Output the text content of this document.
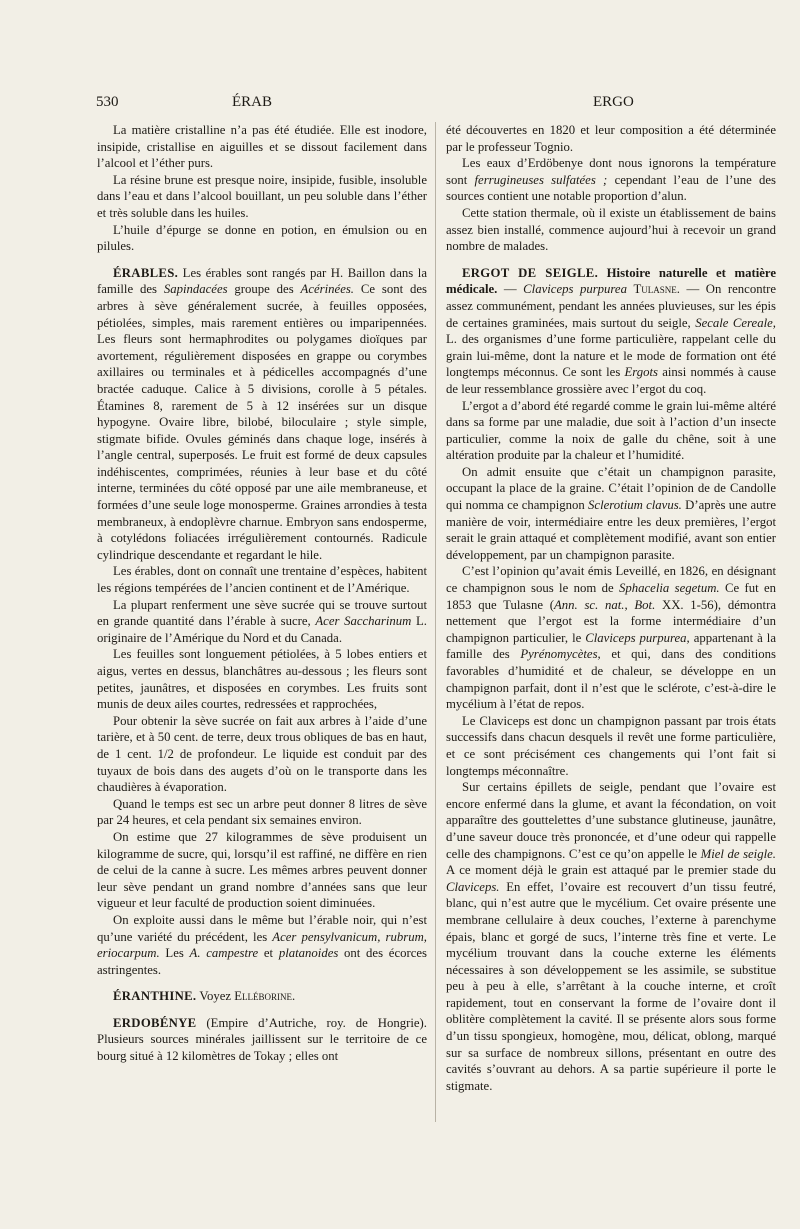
530	ÉRAB	ERGO

La matière cristalline n’a pas été étudiée. Elle est inodore, insipide, cristallise en aiguilles et se dissout facilement dans l’alcool et l’éther purs.

La résine brune est presque noire, insipide, fusible, insoluble dans l’eau et dans l’alcool bouillant, un peu soluble dans l’éther et très soluble dans les huiles.

L’huile d’épurge se donne en potion, en émulsion ou en pilules.

ÉRABLES. Les érables sont rangés par H. Baillon dans la famille des Sapindacées groupe des Acérinées. Ce sont des arbres à sève généralement sucrée, à feuilles opposées, pétiolées, simples, mais rarement entières ou imparipennées. Les fleurs sont hermaphrodites ou polygames dioïques par avortement, régulièrement disposées en grappe ou corymbes axillaires ou terminales et à pédicelles accompagnés d’une bractée caduque. Calice à 5 divisions, corolle à 5 pétales. Étamines 8, rarement de 5 à 12 insérées sur un disque hypogyne. Ovaire libre, bilobé, biloculaire ; style simple, stigmate bifide. Ovules géminés dans chaque loge, insérés à l’angle central, superposés. Le fruit est formé de deux capsules indéhiscentes, comprimées, réunies à leur base et du côté interne, terminées du côté opposé par une aile membraneuse, et formées d’une seule loge monosperme. Graines arrondies à testa membraneux, à endoplèvre charnue. Embryon sans endosperme, à cotylédons foliacées irrégulièrement contournés. Radicule cylindrique descendante et regardant le hile.

Les érables, dont on connaît une trentaine d’espèces, habitent les régions tempérées de l’ancien continent et de l’Amérique.

La plupart renferment une sève sucrée qui se trouve surtout en grande quantité dans l’érable à sucre, Acer Saccharinum L. originaire de l’Amérique du Nord et du Canada.

Les feuilles sont longuement pétiolées, à 5 lobes entiers et aigus, vertes en dessus, blanchâtres au-dessous ; les fleurs sont petites, jaunâtres, et disposées en corymbes. Les fruits sont munis de deux ailes courtes, redressées et rapprochées,

Pour obtenir la sève sucrée on fait aux arbres à l’aide d’une tarière, et à 50 cent. de terre, deux trous obliques de bas en haut, de 1 cent. 1/2 de profondeur. Le liquide est conduit par des tuyaux de bois dans des augets d’où on le transporte dans les chaudières à évaporation.

Quand le temps est sec un arbre peut donner 8 litres de sève par 24 heures, et cela pendant six semaines environ.

On estime que 27 kilogrammes de sève produisent un kilogramme de sucre, qui, lorsqu’il est raffiné, ne diffère en rien de celui de la canne à sucre. Les mêmes arbres peuvent donner leur sève pendant un grand nombre d’années sans que leur vigueur et leur faculté de production soient diminuées.

On exploite aussi dans le même but l’érable noir, qui n’est qu’une variété du précédent, les Acer pensylvanicum, rubrum, eriocarpum. Les A. campestre et platanoides ont des écorces astringentes.

ÉRANTHINE. Voyez Elléborine.

ERDOBÉNYE (Empire d’Autriche, roy. de Hongrie). Plusieurs sources minérales jaillissent sur le territoire de ce bourg situé à 12 kilomètres de Tokay ; elles ont

été découvertes en 1820 et leur composition a été déterminée par le professeur Tognio.

Les eaux d’Erdöbenye dont nous ignorons la température sont ferrugineuses sulfatées ; cependant l’eau de l’une des sources contient une notable proportion d’alun.

Cette station thermale, où il existe un établissement de bains assez bien installé, commence aujourd’hui à recevoir un grand nombre de malades.

ERGOT DE SEIGLE. Histoire naturelle et matière médicale. — Claviceps purpurea Tulasne. — On rencontre assez communément, pendant les années pluvieuses, sur les épis de certaines graminées, mais surtout du seigle, Secale Cereale, L. des organismes d’une forme particulière, rappelant celle du grain lui-même, dont la nature et le mode de formation ont été longtemps méconnus. Ce sont les Ergots ainsi nommés à cause de leur ressemblance grossière avec l’ergot du coq.

L’ergot a d’abord été regardé comme le grain lui-même altéré dans sa forme par une maladie, due soit à l’action d’un insecte particulier, comme la noix de galle du chêne, soit à une altération produite par la chaleur et l’humidité.

On admit ensuite que c’était un champignon parasite, occupant la place de la graine. C’était l’opinion de de Candolle qui nomma ce champignon Sclerotium clavus. D’après une autre manière de voir, intermédiaire entre les deux premières, l’ergot serait le grain attaqué et complètement modifié, avant son entier développement, par un champignon parasite.

C’est l’opinion qu’avait émis Leveillé, en 1826, en désignant ce champignon sous le nom de Sphacelia segetum. Ce fut en 1853 que Tulasne (Ann. sc. nat., Bot. XX. 1-56), démontra nettement que l’ergot est la forme intermédiaire d’un champignon particulier, le Claviceps purpurea, appartenant à la famille des Pyrénomycètes, et qui, dans des conditions favorables d’humidité et de chaleur, se développe en un champignon parfait, dont il n’est que le sclérote, c’est-à-dire le mycélium à l’état de repos.

Le Claviceps est donc un champignon passant par trois états successifs dans chacun desquels il revêt une forme particulière, et ce sont précisément ces changements qui l’ont fait si longtemps méconnaître.

Sur certains épillets de seigle, pendant que l’ovaire est encore enfermé dans la glume, et avant la fécondation, on voit apparaître des gouttelettes d’une substance glutineuse, jaunâtre, d’une saveur douce très prononcée, et d’une odeur qui rappelle celle des champignons. C’est ce qu’on appelle le Miel de seigle. A ce moment déjà le grain est attaqué par le premier stade du Claviceps. En effet, l’ovaire est recouvert d’un tissu feutré, blanc, qui n’est autre que le mycélium. Cet ovaire présente une membrane cellulaire à deux couches, l’externe à parenchyme épais, blanc et gorgé de sucs, l’interne très fine et verte. Le mycélium trouvant dans la couche externe les éléments nécessaires à son développement se les assimile, se substitue peu à peu à elle, s’arrêtant à la couche interne, et croît rapidement, tout en conservant la forme de l’ovaire dont il oblitère complètement la cavité. Il se présente alors sous forme d’un tissu spongieux, homogène, mou, délicat, oblong, marqué sur sa surface de nombreux sillons, présentant en outre des cavités s’ouvrant au dehors. A sa partie supérieure il porte le stigmate.
